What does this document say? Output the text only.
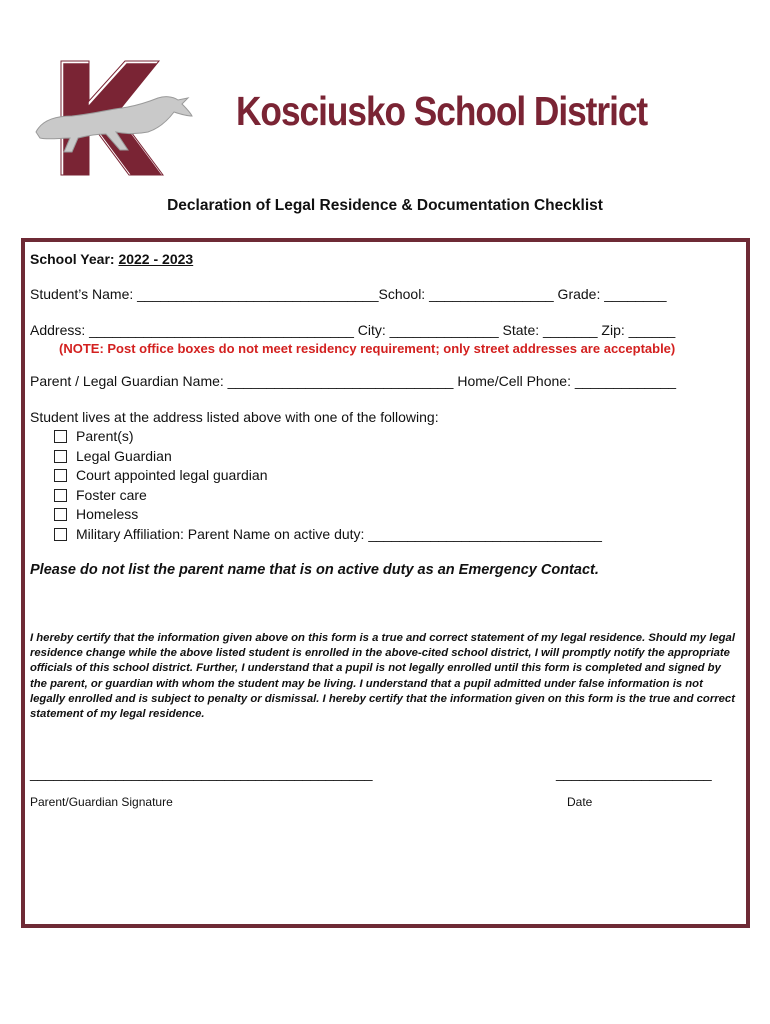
Kosciusko School District
Declaration of Legal Residence & Documentation Checklist
School Year: 2022 - 2023
Student’s Name: _______________________________School: ________________ Grade: ________
Address: __________________________________ City: ______________ State: _______ Zip: ______
(NOTE: Post office boxes do not meet residency requirement; only street addresses are acceptable)
Parent / Legal Guardian Name: _____________________________ Home/Cell Phone: _____________
Student lives at the address listed above with one of the following:
Parent(s)
Legal Guardian
Court appointed legal guardian
Foster care
Homeless
Military Affiliation: Parent Name on active duty: ______________________________
Please do not list the parent name that is on active duty as an Emergency Contact.
I hereby certify that the information given above on this form is a true and correct statement of my legal residence. Should my legal residence change while the above listed student is enrolled in the above-cited school district, I will promptly notify the appropriate officials of this school district. Further, I understand that a pupil is not legally enrolled until this form is completed and signed by the parent, or guardian with whom the student may be living. I understand that a pupil admitted under false information is not legally enrolled and is subject to penalty or dismissal. I hereby certify that the information given on this form is the true and correct statement of my legal residence.
____________________________________________	____________________
Parent/Guardian Signature	Date
